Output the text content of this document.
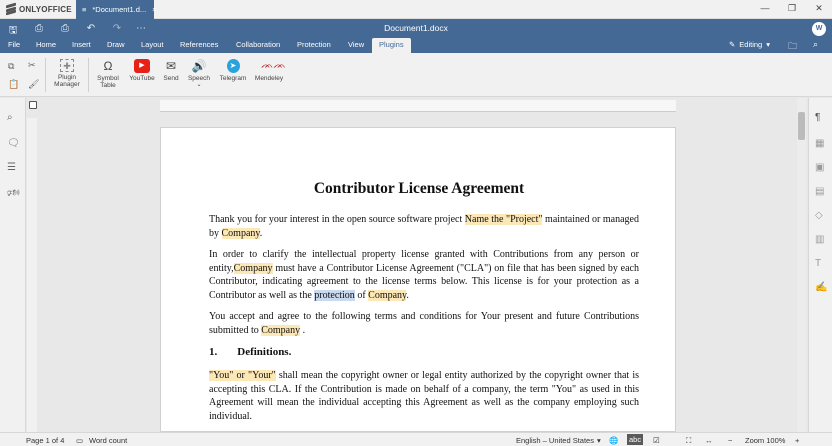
ONLYOFFICE ≡ *Document1.d... ×	—	❐	✕
🖫	⎙	⎙	↶ ↷ ⋯	Document1.docx	W
File Home Insert Draw Layout References Collaboration Protection View	Plugins	✎ Editing ▾ 🗀 ⌕
⧉ ✂
📋 🖌
✚
Plugin
Manager
Ω
Symbol
Table
▶
YouTube
✉
Send
🔊
Speech
⌄
➤
Telegram
ᨏᨏ
Mendeley
⌕
🗨
☰
🕬	Contributor License Agreement
Thank you for your interest in the open source software project Name the "Project" maintained or managed by Company.
In order to clarify the intellectual property license granted with Contributions from any person or entity,Company must have a Contributor License Agreement ("CLA") on file that has been signed by each Contributor, indicating agreement to the license terms below. This license is for your protection as a Contributor as well as the protection of Company.
You accept and agree to the following terms and conditions for Your present and future Contributions submitted to Company .
1. Definitions.
"You" or "Your" shall mean the copyright owner or legal entity authorized by the copyright owner that is accepting this CLA. If the Contribution is made on behalf of a company, the term "You" as used in this Agreement will mean the individual accepting this Agreement as well as the company employing such individual.
¶
▦
▣
▤
◇
▥
T
✍
Page 1 of 4 ▭ Word count	English – United States ▾ 🌐 abc ☑	⛶ ↔ − Zoom 100% +
